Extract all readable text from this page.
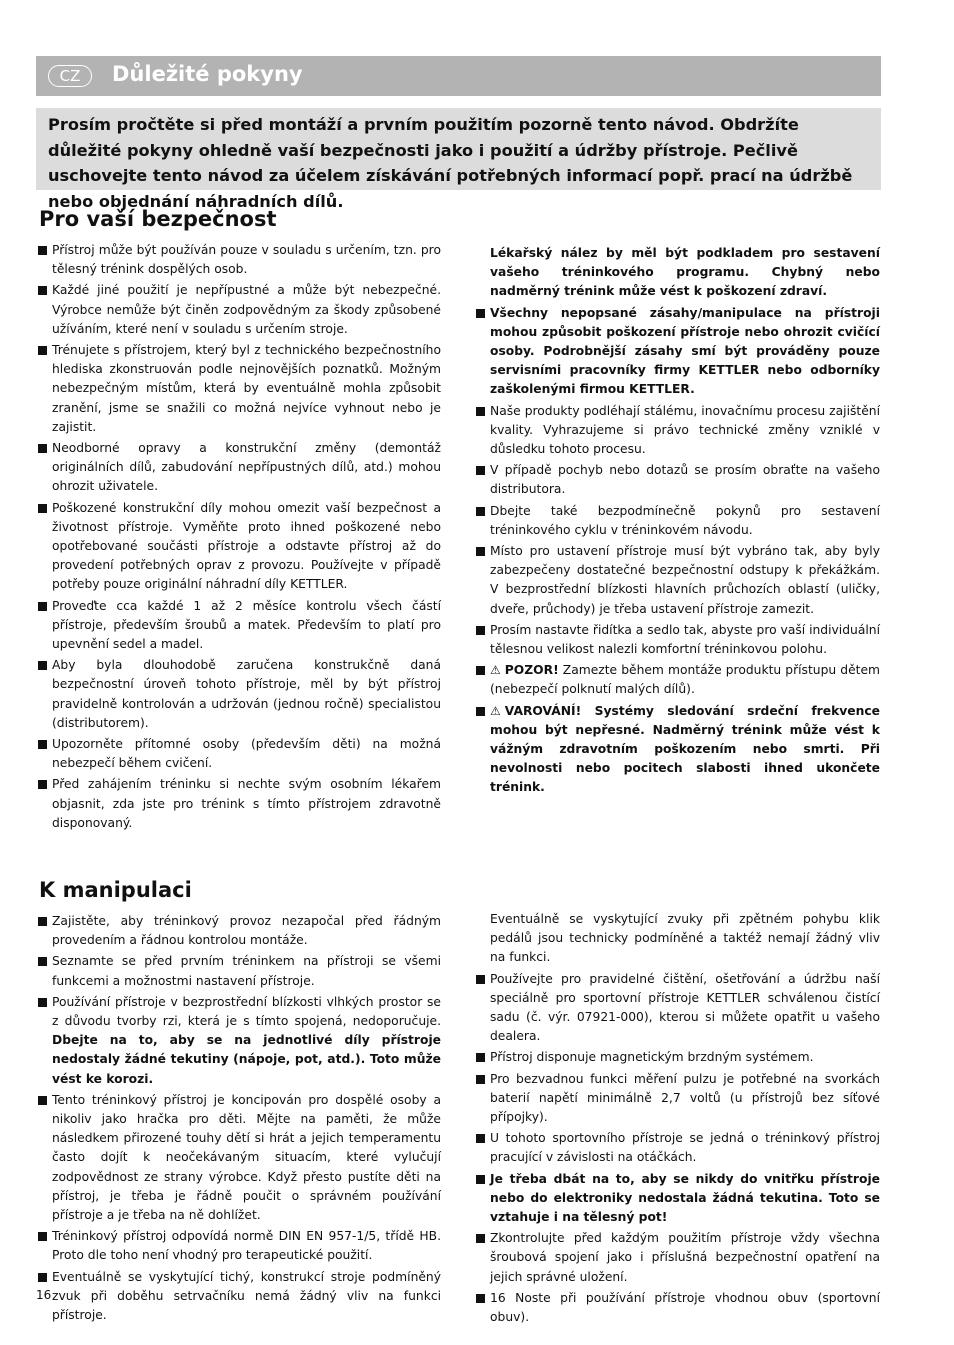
CZ	Důležité pokyny
Prosím pročtěte si před montáží a prvním použitím pozorně tento návod. Obdržíte důležité pokyny ohledně vaší bezpečnosti jako i použití a údržby přístroje. Pečlivě uschovejte tento návod za účelem získávání potřebných informací popř. prací na údržbě nebo objednání náhradních dílů.
Pro vaší bezpečnost
Přístroj může být používán pouze v souladu s určením, tzn. pro tělesný trénink dospělých osob.
Každé jiné použití je nepřípustné a může být nebezpečné. Výrobce nemůže být činěn zodpovědným za škody způsobené užíváním, které není v souladu s určením stroje.
Trénujete s přístrojem, který byl z technického bezpečnostního hlediska zkonstruován podle nejnovějších poznatků. Možným nebezpečným místům, která by eventuálně mohla způsobit zranění, jsme se snažili co možná nejvíce vyhnout nebo je zajistit.
Neodborné opravy a konstrukční změny (demontáž originálních dílů, zabudování nepřípustných dílů, atd.) mohou ohrozit uživatele.
Poškozené konstrukční díly mohou omezit vaší bezpečnost a životnost přístroje. Vyměňte proto ihned poškozené nebo opotřebované součásti přístroje a odstavte přístroj až do provedení potřebných oprav z provozu. Používejte v případě potřeby pouze originální náhradní díly KETTLER.
Proveďte cca každé 1 až 2 měsíce kontrolu všech částí přístroje, především šroubů a matek. Především to platí pro upevnění sedel a madel.
Aby byla dlouhodobě zaručena konstrukčně daná bezpečnostní úroveň tohoto přístroje, měl by být přístroj pravidelně kontrolován a udržován (jednou ročně) specialistou (distributorem).
Upozorněte přítomné osoby (především děti) na možná nebezpečí během cvičení.
Před zahájením tréninku si nechte svým osobním lékařem objasnit, zda jste pro trénink s tímto přístrojem zdravotně disponovaný.
Lékařský nález by měl být podkladem pro sestavení vašeho tréninkového programu. Chybný nebo nadměrný trénink může vést k poškození zdraví.
Všechny nepopsané zásahy/manipulace na přístroji mohou způsobit poškození přístroje nebo ohrozit cvičící osoby. Podrobnější zásahy smí být prováděny pouze servisními pracovníky firmy KETTLER nebo odborníky zaškolenými firmou KETTLER.
Naše produkty podléhají stálému, inovačnímu procesu zajištění kvality. Vyhrazujeme si právo technické změny vzniklé v důsledku tohoto procesu.
V případě pochyb nebo dotazů se prosím obraťte na vašeho distributora.
Dbejte také bezpodmínečně pokynů pro sestavení tréninkového cyklu v tréninkovém návodu.
Místo pro ustavení přístroje musí být vybráno tak, aby byly zabezpečeny dostatečné bezpečnostní odstupy k překážkám. V bezprostřední blízkosti hlavních průchozích oblastí (uličky, dveře, průchody) je třeba ustavení přístroje zamezit.
Prosím nastavte řidítka a sedlo tak, abyste pro vaší individuální tělesnou velikost nalezli komfortní tréninkovou polohu.
⚠ POZOR! Zamezte během montáže produktu přístupu dětem (nebezpečí polknutí malých dílů).
⚠ VAROVÁNÍ! Systémy sledování srdeční frekvence mohou být nepřesné. Nadměrný trénink může vést k vážným zdravotním poškozením nebo smrti. Při nevolnosti nebo pocitech slabosti ihned ukončete trénink.
K manipulaci
Zajistěte, aby tréninkový provoz nezapočal před řádným provedením a řádnou kontrolou montáže.
Seznamte se před prvním tréninkem na přístroji se všemi funkcemi a možnostmi nastavení přístroje.
Používání přístroje v bezprostřední blízkosti vlhkých prostor se z důvodu tvorby rzi, která je s tímto spojená, nedoporučuje. Dbejte na to, aby se na jednotlivé díly přístroje nedostaly žádné tekutiny (nápoje, pot, atd.). Toto může vést ke korozi.
Tento tréninkový přístroj je koncipován pro dospělé osoby a nikoliv jako hračka pro děti. Mějte na paměti, že může následkem přirozené touhy dětí si hrát a jejich temperamentu často dojít k neočekávaným situacím, které vylučují zodpovědnost ze strany výrobce. Když přesto pustíte děti na přístroj, je třeba je řádně poučit o správném používání přístroje a je třeba na ně dohlížet.
Tréninkový přístroj odpovídá normě DIN EN 957-1/5, třídě HB. Proto dle toho není vhodný pro terapeutické použití.
Eventuálně se vyskytující tichý, konstrukcí stroje podmíněný zvuk při doběhu setrvačníku nemá žádný vliv na funkci přístroje.
Eventuálně se vyskytující zvuky při zpětném pohybu klik pedálů jsou technicky podmíněné a taktéž nemají žádný vliv na funkci.
Používejte pro pravidelné čištění, ošetřování a údržbu naší speciálně pro sportovní přístroje KETTLER schválenou čistící sadu (č. výr. 07921-000), kterou si můžete opatřit u vašeho dealera.
Přístroj disponuje magnetickým brzdným systémem.
Pro bezvadnou funkci měření pulzu je potřebné na svorkách baterií napětí minimálně 2,7 voltů (u přístrojů bez síťové přípojky).
U tohoto sportovního přístroje se jedná o tréninkový přístroj pracující v závislosti na otáčkách.
Je třeba dbát na to, aby se nikdy do vnitřku přístroje nebo do elektroniky nedostala žádná tekutina. Toto se vztahuje i na tělesný pot!
Zkontrolujte před každým použitím přístroje vždy všechna šroubová spojení jako i příslušná bezpečnostní opatření na jejich správné uložení.
16 Noste při používání přístroje vhodnou obuv (sportovní obuv).
16
